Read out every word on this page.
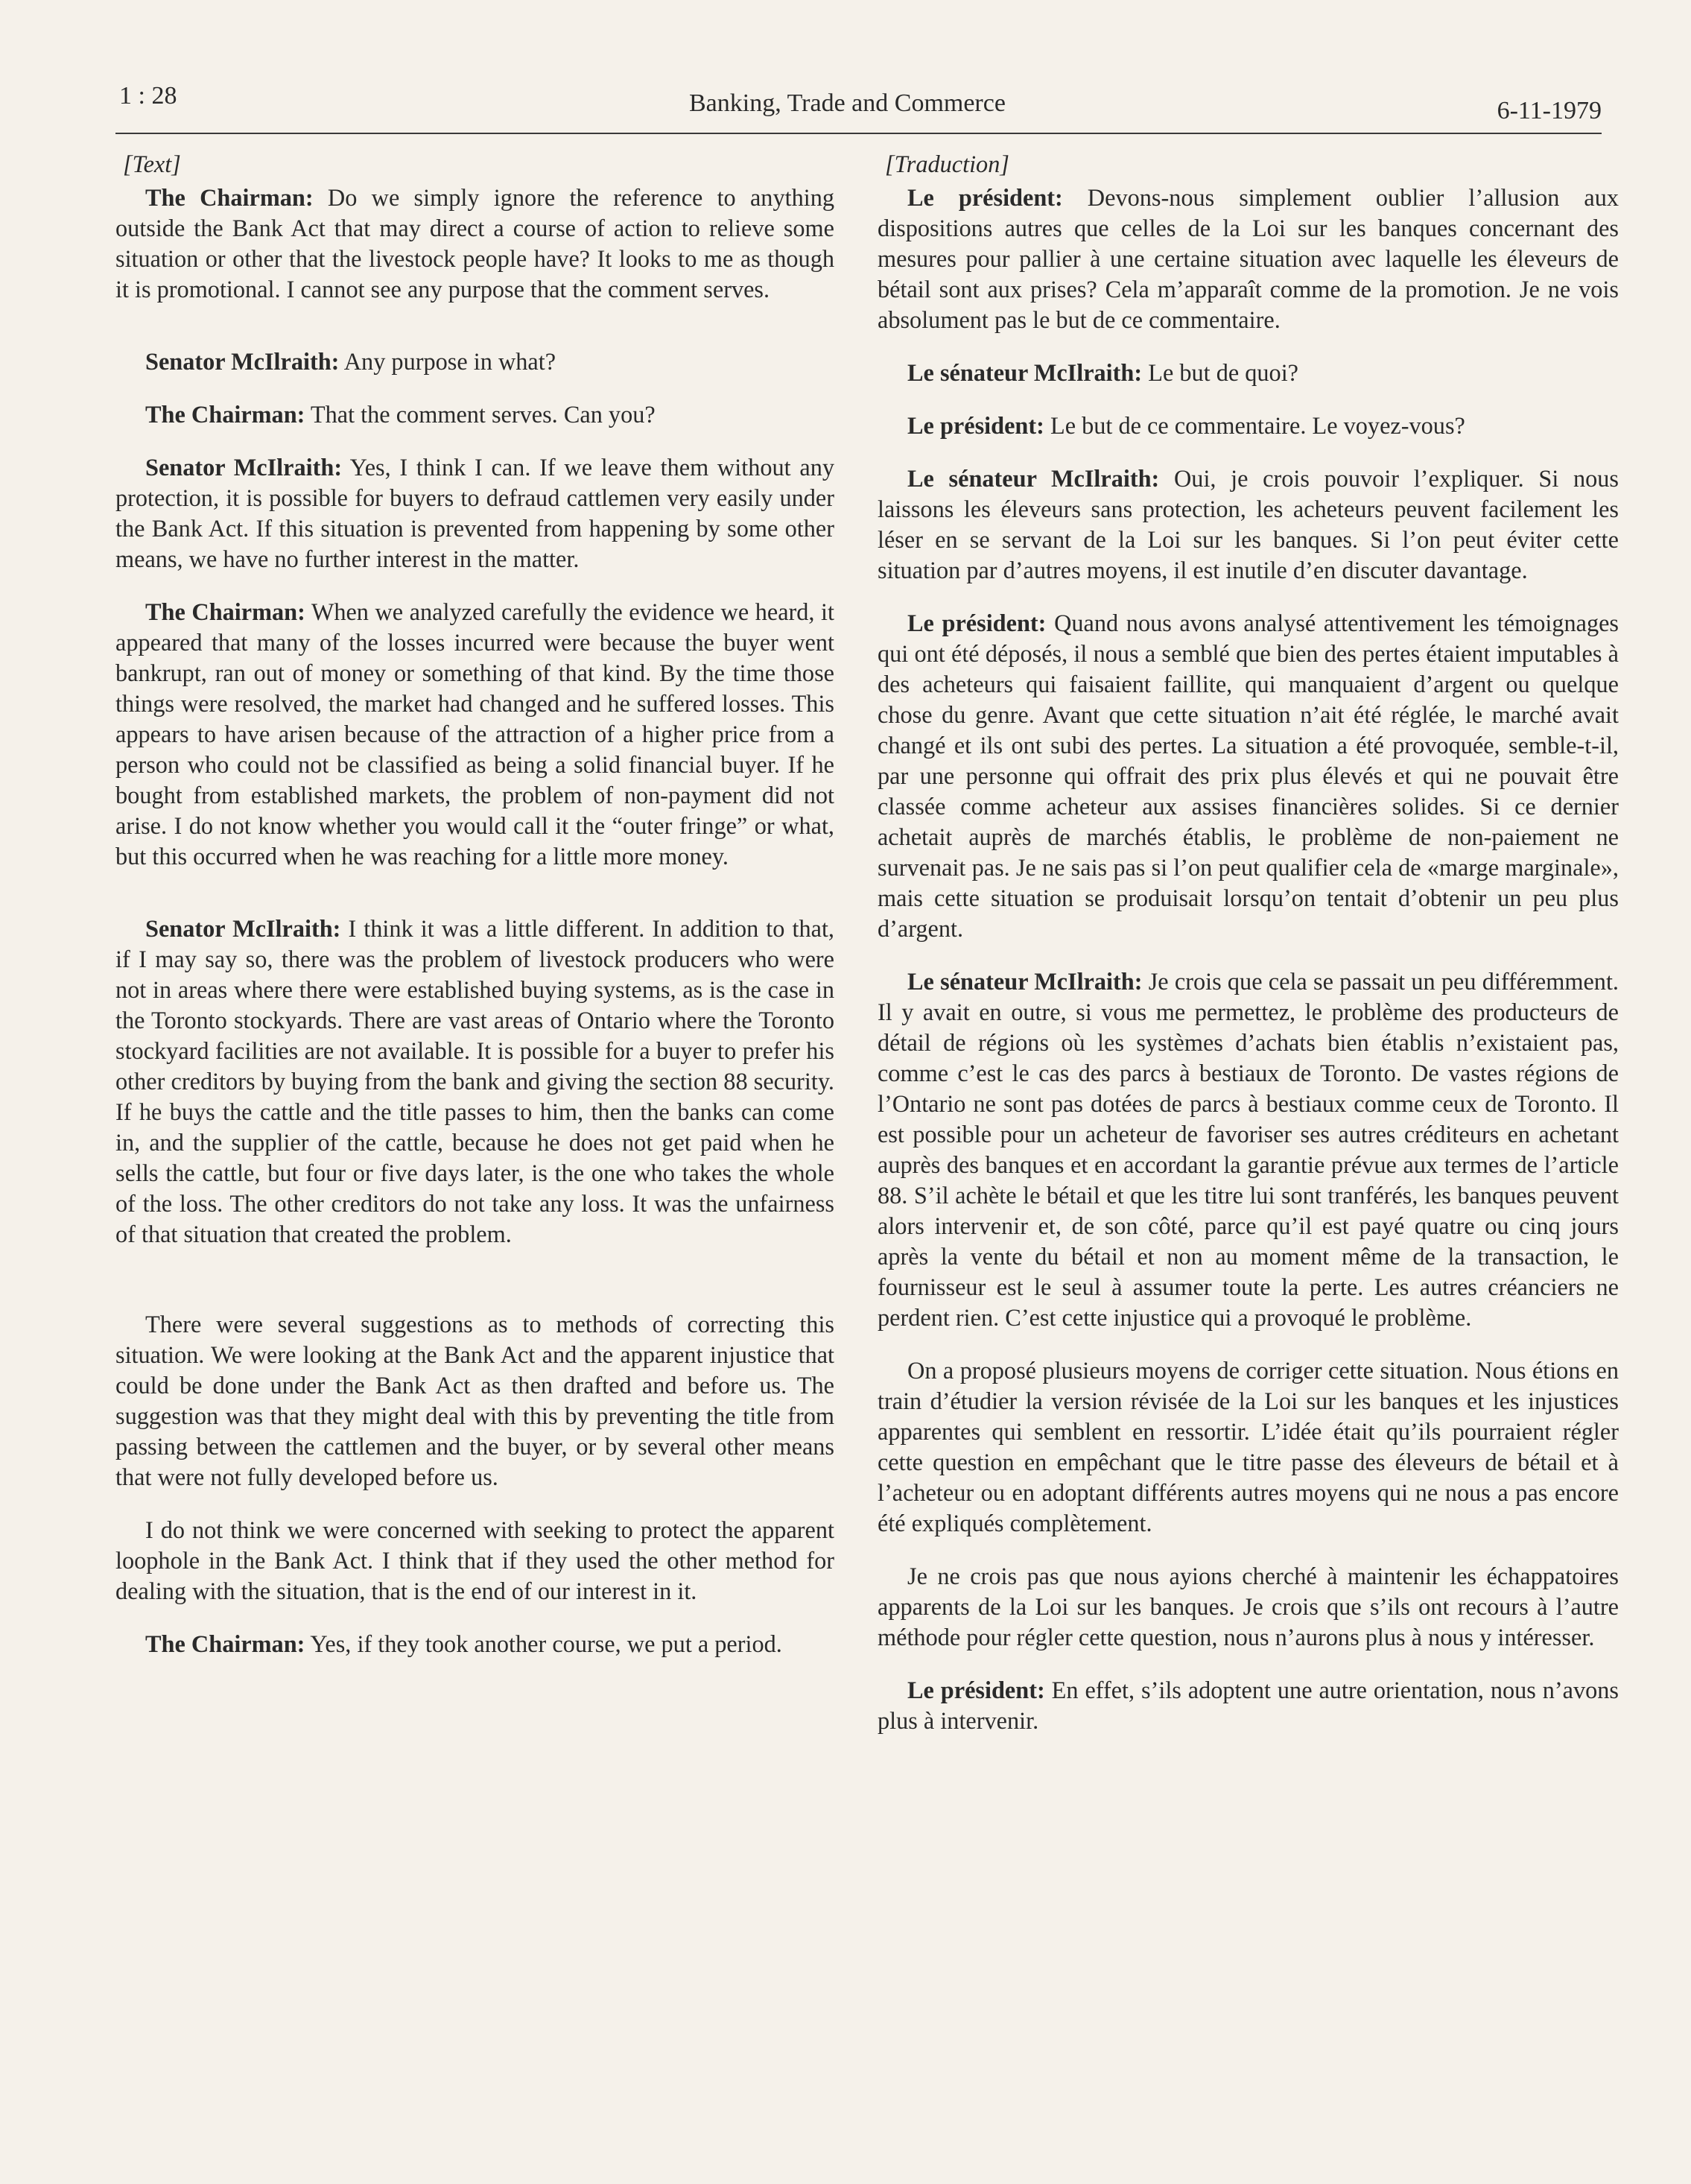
1 : 28	Banking, Trade and Commerce	6-11-1979

[Text]

The Chairman: Do we simply ignore the reference to anything outside the Bank Act that may direct a course of action to relieve some situation or other that the livestock people have? It looks to me as though it is promotional. I cannot see any purpose that the comment serves.

Senator McIlraith: Any purpose in what?

The Chairman: That the comment serves. Can you?

Senator McIlraith: Yes, I think I can. If we leave them without any protection, it is possible for buyers to defraud cattlemen very easily under the Bank Act. If this situation is prevented from happening by some other means, we have no further interest in the matter.

The Chairman: When we analyzed carefully the evidence we heard, it appeared that many of the losses incurred were because the buyer went bankrupt, ran out of money or something of that kind. By the time those things were resolved, the market had changed and he suffered losses. This appears to have arisen because of the attraction of a higher price from a person who could not be classified as being a solid financial buyer. If he bought from established markets, the problem of non-payment did not arise. I do not know whether you would call it the “outer fringe” or what, but this occurred when he was reaching for a little more money.

Senator McIlraith: I think it was a little different. In addition to that, if I may say so, there was the problem of livestock producers who were not in areas where there were established buying systems, as is the case in the Toronto stockyards. There are vast areas of Ontario where the Toronto stockyard facilities are not available. It is possible for a buyer to prefer his other creditors by buying from the bank and giving the section 88 security. If he buys the cattle and the title passes to him, then the banks can come in, and the supplier of the cattle, because he does not get paid when he sells the cattle, but four or five days later, is the one who takes the whole of the loss. The other creditors do not take any loss. It was the unfairness of that situation that created the problem.

There were several suggestions as to methods of correcting this situation. We were looking at the Bank Act and the apparent injustice that could be done under the Bank Act as then drafted and before us. The suggestion was that they might deal with this by preventing the title from passing between the cattlemen and the buyer, or by several other means that were not fully developed before us.

I do not think we were concerned with seeking to protect the apparent loophole in the Bank Act. I think that if they used the other method for dealing with the situation, that is the end of our interest in it.

The Chairman: Yes, if they took another course, we put a period.

[Traduction]

Le président: Devons-nous simplement oublier l’allusion aux dispositions autres que celles de la Loi sur les banques concernant des mesures pour pallier à une certaine situation avec laquelle les éleveurs de bétail sont aux prises? Cela m’apparaît comme de la promotion. Je ne vois absolument pas le but de ce commentaire.

Le sénateur McIlraith: Le but de quoi?

Le président: Le but de ce commentaire. Le voyez-vous?

Le sénateur McIlraith: Oui, je crois pouvoir l’expliquer. Si nous laissons les éleveurs sans protection, les acheteurs peuvent facilement les léser en se servant de la Loi sur les banques. Si l’on peut éviter cette situation par d’autres moyens, il est inutile d’en discuter davantage.

Le président: Quand nous avons analysé attentivement les témoignages qui ont été déposés, il nous a semblé que bien des pertes étaient imputables à des acheteurs qui faisaient faillite, qui manquaient d’argent ou quelque chose du genre. Avant que cette situation n’ait été réglée, le marché avait changé et ils ont subi des pertes. La situation a été provoquée, semble-t-il, par une personne qui offrait des prix plus élevés et qui ne pouvait être classée comme acheteur aux assises financières solides. Si ce dernier achetait auprès de marchés établis, le problème de non-paiement ne survenait pas. Je ne sais pas si l’on peut qualifier cela de «marge marginale», mais cette situation se produisait lorsqu’on tentait d’obtenir un peu plus d’argent.

Le sénateur McIlraith: Je crois que cela se passait un peu différemment. Il y avait en outre, si vous me permettez, le problème des producteurs de détail de régions où les systèmes d’achats bien établis n’existaient pas, comme c’est le cas des parcs à bestiaux de Toronto. De vastes régions de l’Ontario ne sont pas dotées de parcs à bestiaux comme ceux de Toronto. Il est possible pour un acheteur de favoriser ses autres créditeurs en achetant auprès des banques et en accordant la garantie prévue aux termes de l’article 88. S’il achète le bétail et que les titre lui sont tranférés, les banques peuvent alors intervenir et, de son côté, parce qu’il est payé quatre ou cinq jours après la vente du bétail et non au moment même de la transaction, le fournisseur est le seul à assumer toute la perte. Les autres créanciers ne perdent rien. C’est cette injustice qui a provoqué le problème.

On a proposé plusieurs moyens de corriger cette situation. Nous étions en train d’étudier la version révisée de la Loi sur les banques et les injustices apparentes qui semblent en ressortir. L’idée était qu’ils pourraient régler cette question en empêchant que le titre passe des éleveurs de bétail et à l’acheteur ou en adoptant différents autres moyens qui ne nous a pas encore été expliqués complètement.

Je ne crois pas que nous ayions cherché à maintenir les échappatoires apparents de la Loi sur les banques. Je crois que s’ils ont recours à l’autre méthode pour régler cette question, nous n’aurons plus à nous y intéresser.

Le président: En effet, s’ils adoptent une autre orientation, nous n’avons plus à intervenir.
